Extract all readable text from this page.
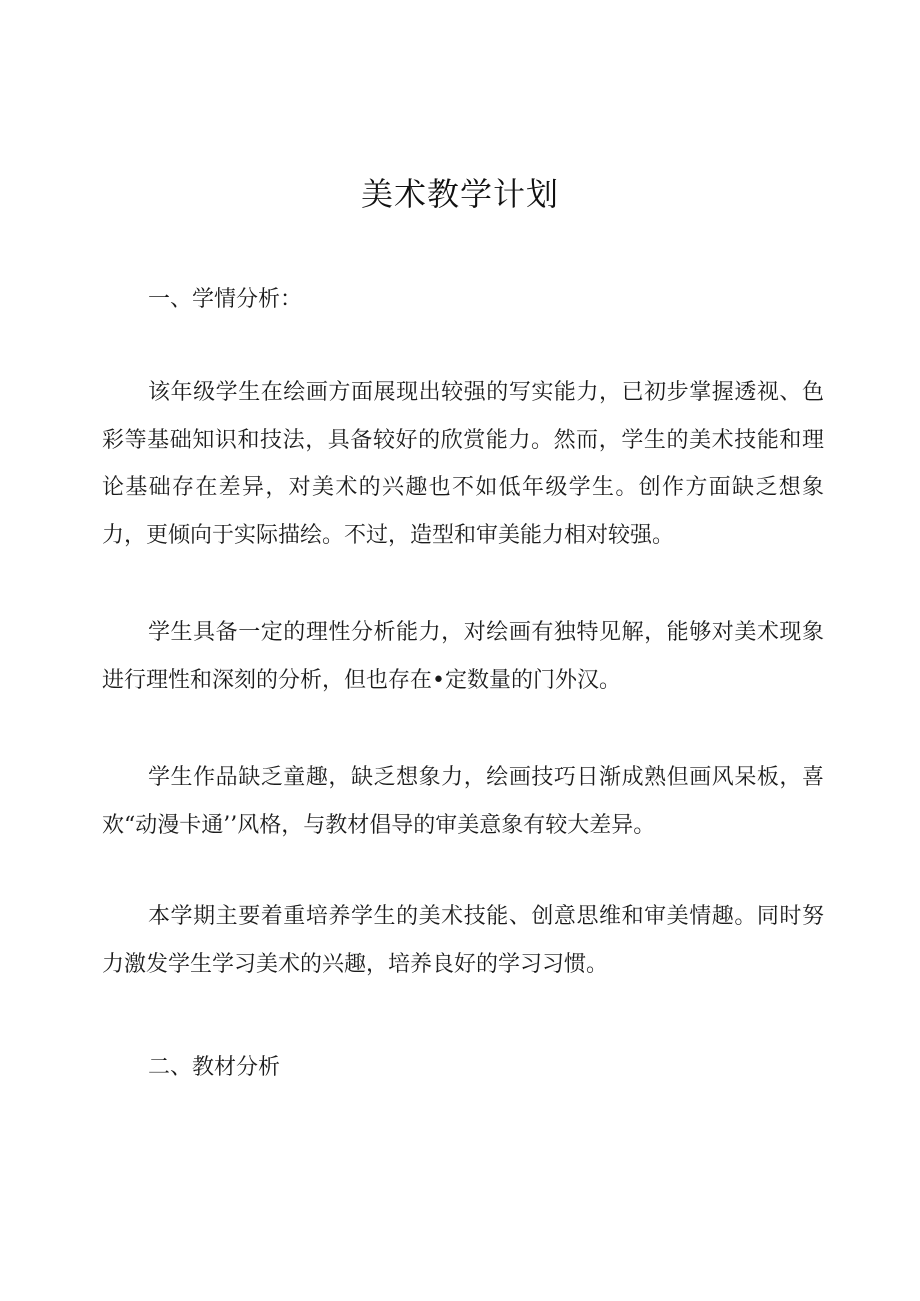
美术教学计划
一、学情分析：
该年级学生在绘画方面展现出较强的写实能力，已初步掌握透视、色彩等基础知识和技法，具备较好的欣赏能力。然而，学生的美术技能和理论基础存在差异，对美术的兴趣也不如低年级学生。创作方面缺乏想象力，更倾向于实际描绘。不过，造型和审美能力相对较强。
学生具备一定的理性分析能力，对绘画有独特见解，能够对美术现象进行理性和深刻的分析，但也存在•定数量的门外汉。
学生作品缺乏童趣，缺乏想象力，绘画技巧日渐成熟但画风呆板，喜欢“动漫卡通’’风格，与教材倡导的审美意象有较大差异。
本学期主要着重培养学生的美术技能、创意思维和审美情趣。同时努力激发学生学习美术的兴趣，培养良好的学习习惯。
二、教材分析
